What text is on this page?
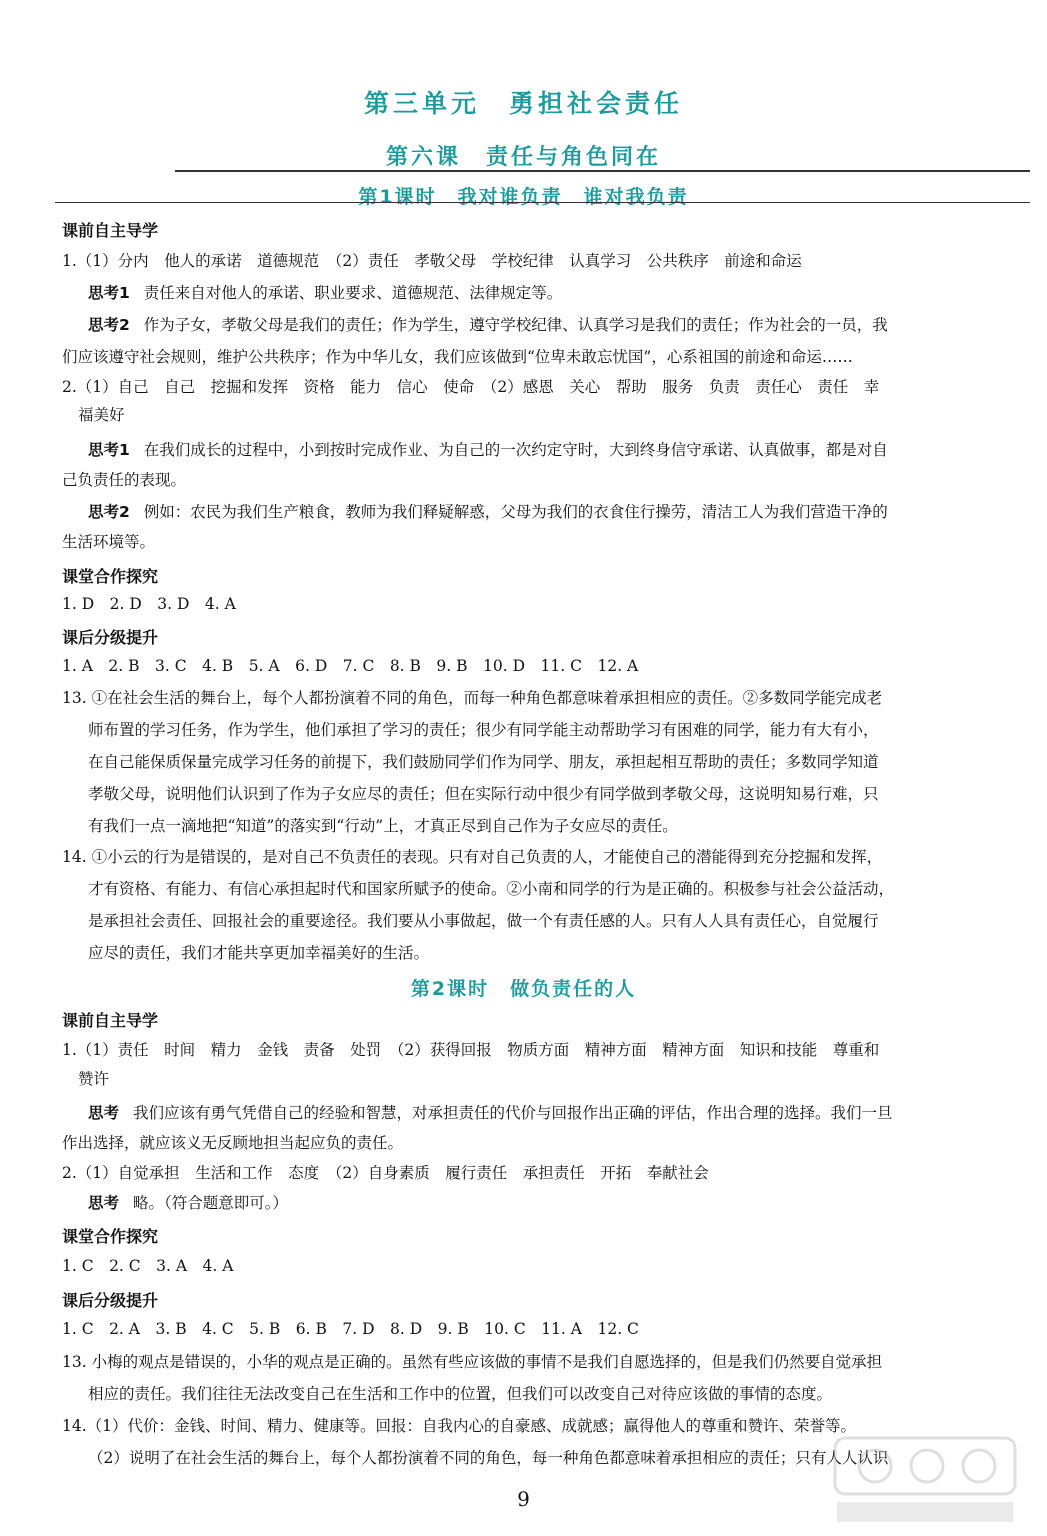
第三单元　勇担社会责任
第六课　责任与角色同在
第1课时　我对谁负责　谁对我负责
课前自主导学
1.（1）分内　他人的承诺　道德规范　（2）责任　孝敬父母　学校纪律　认真学习　公共秩序　前途和命运
思考1 责任来自对他人的承诺、职业要求、道德规范、法律规定等。
思考2 作为子女，孝敬父母是我们的责任；作为学生，遵守学校纪律、认真学习是我们的责任；作为社会的一员，我
们应该遵守社会规则，维护公共秩序；作为中华儿女，我们应该做到“位卑未敢忘忧国”，心系祖国的前途和命运……
2.（1）自己　自己　挖掘和发挥　资格　能力　信心　使命　（2）感恩　关心　帮助　服务　负责　责任心　责任　幸
福美好
思考1 在我们成长的过程中，小到按时完成作业、为自己的一次约定守时，大到终身信守承诺、认真做事，都是对自
己负责任的表现。
思考2 例如：农民为我们生产粮食，教师为我们释疑解惑，父母为我们的衣食住行操劳，清洁工人为我们营造干净的
生活环境等。
课堂合作探究
1. D　2. D　3. D　4. A
课后分级提升
1. A　2. B　3. C　4. B　5. A　6. D　7. C　8. B　9. B　10. D　11. C　12. A
13. ①在社会生活的舞台上，每个人都扮演着不同的角色，而每一种角色都意味着承担相应的责任。②多数同学能完成老
师布置的学习任务，作为学生，他们承担了学习的责任；很少有同学能主动帮助学习有困难的同学，能力有大有小，
在自己能保质保量完成学习任务的前提下，我们鼓励同学们作为同学、朋友，承担起相互帮助的责任；多数同学知道
孝敬父母，说明他们认识到了作为子女应尽的责任；但在实际行动中很少有同学做到孝敬父母，这说明知易行难，只
有我们一点一滴地把“知道”的落实到“行动”上，才真正尽到自己作为子女应尽的责任。
14. ①小云的行为是错误的，是对自己不负责任的表现。只有对自己负责的人，才能使自己的潜能得到充分挖掘和发挥，
才有资格、有能力、有信心承担起时代和国家所赋予的使命。②小南和同学的行为是正确的。积极参与社会公益活动，
是承担社会责任、回报社会的重要途径。我们要从小事做起，做一个有责任感的人。只有人人具有责任心，自觉履行
应尽的责任，我们才能共享更加幸福美好的生活。
第2课时　做负责任的人
课前自主导学
1.（1）责任　时间　精力　金钱　责备　处罚　（2）获得回报　物质方面　精神方面　精神方面　知识和技能　尊重和
赞许
思考 我们应该有勇气凭借自己的经验和智慧，对承担责任的代价与回报作出正确的评估，作出合理的选择。我们一旦
作出选择，就应该义无反顾地担当起应负的责任。
2.（1）自觉承担　生活和工作　态度　（2）自身素质　履行责任　承担责任　开拓　奉献社会
思考 略。（符合题意即可。）
课堂合作探究
1. C　2. C　3. A　4. A
课后分级提升
1. C　2. A　3. B　4. C　5. B　6. B　7. D　8. D　9. B　10. C　11. A　12. C
13. 小梅的观点是错误的，小华的观点是正确的。虽然有些应该做的事情不是我们自愿选择的，但是我们仍然要自觉承担
相应的责任。我们往往无法改变自己在生活和工作中的位置，但我们可以改变自己对待应该做的事情的态度。
14.（1）代价：金钱、时间、精力、健康等。回报：自我内心的自豪感、成就感；赢得他人的尊重和赞许、荣誉等。
（2）说明了在社会生活的舞台上，每个人都扮演着不同的角色，每一种角色都意味着承担相应的责任；只有人人认识
9
